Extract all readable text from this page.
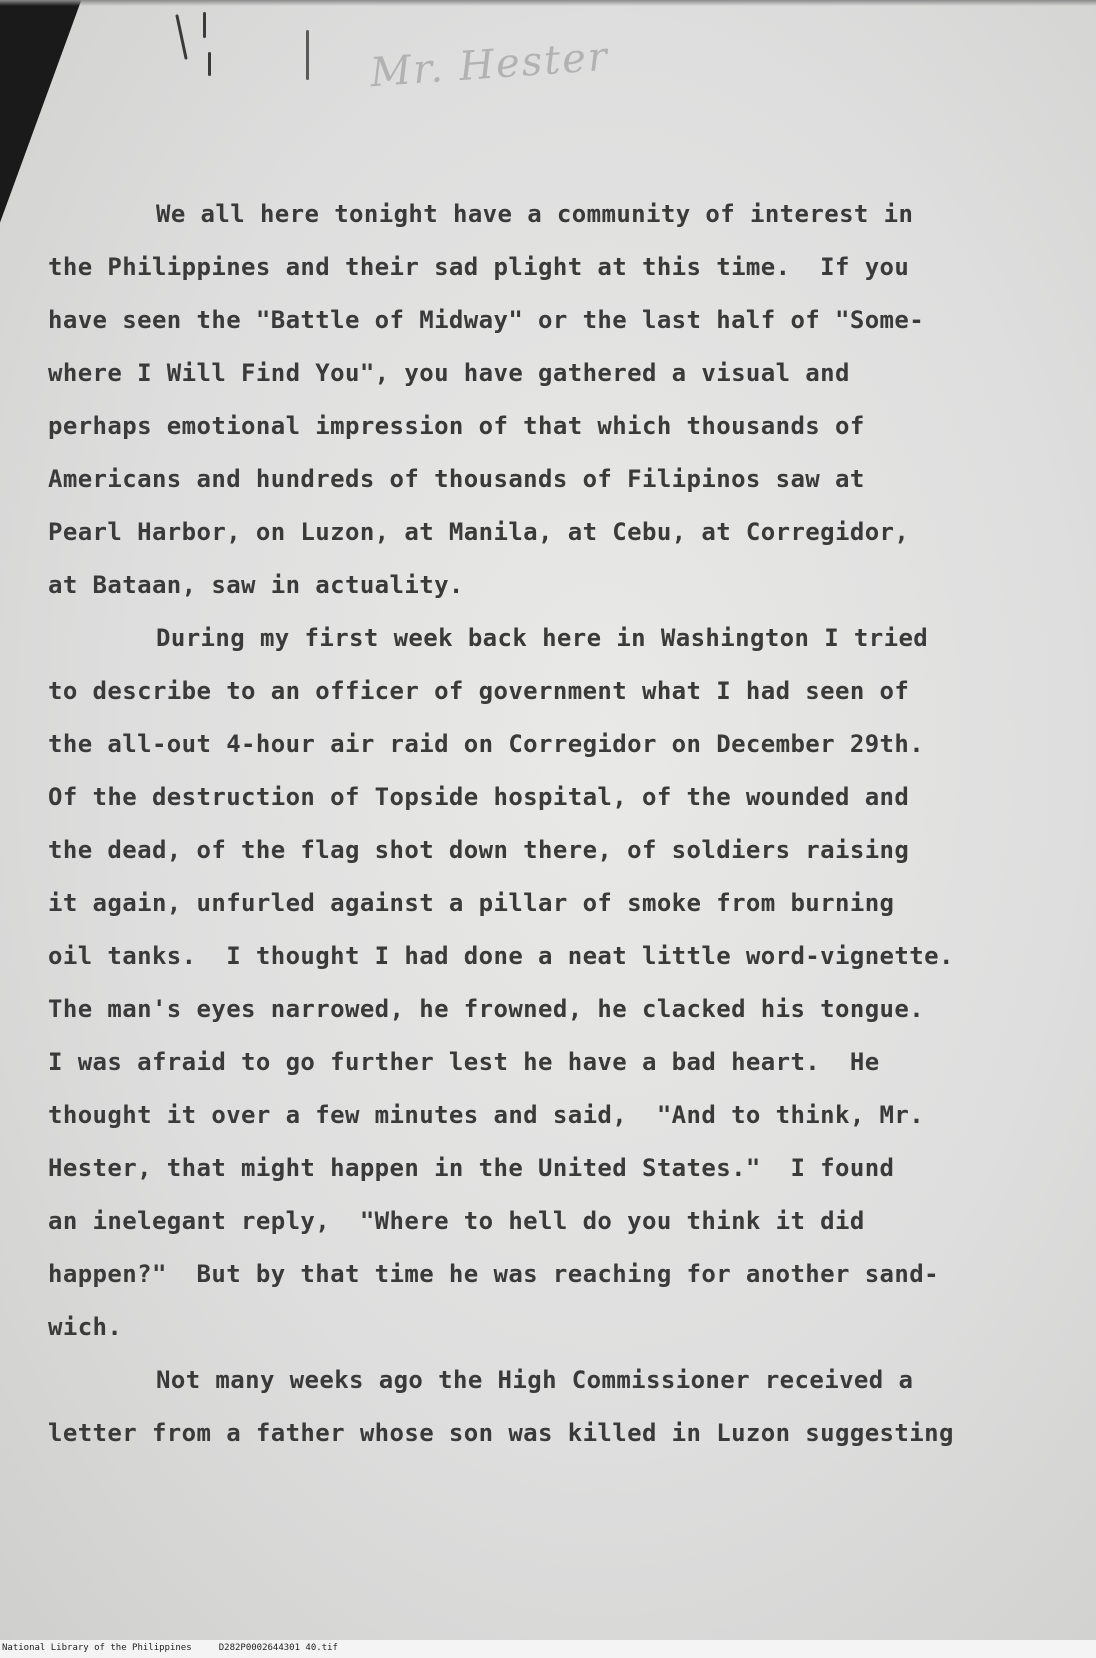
Mr. Hester

We all here tonight have a community of interest in
the Philippines and their sad plight at this time.  If you
have seen the "Battle of Midway" or the last half of "Some-
where I Will Find You", you have gathered a visual and
perhaps emotional impression of that which thousands of
Americans and hundreds of thousands of Filipinos saw at
Pearl Harbor, on Luzon, at Manila, at Cebu, at Corregidor,
at Bataan, saw in actuality.

During my first week back here in Washington I tried
to describe to an officer of government what I had seen of
the all-out 4-hour air raid on Corregidor on December 29th.
Of the destruction of Topside hospital, of the wounded and
the dead, of the flag shot down there, of soldiers raising
it again, unfurled against a pillar of smoke from burning
oil tanks.  I thought I had done a neat little word-vignette.
The man's eyes narrowed, he frowned, he clacked his tongue.
I was afraid to go further lest he have a bad heart.  He
thought it over a few minutes and said,  "And to think, Mr.
Hester, that might happen in the United States."  I found
an inelegant reply,  "Where to hell do you think it did
happen?"  But by that time he was reaching for another sand-
wich.

Not many weeks ago the High Commissioner received a
letter from a father whose son was killed in Luzon suggesting

National Library of the Philippines     D282P0002644301 40.tif
